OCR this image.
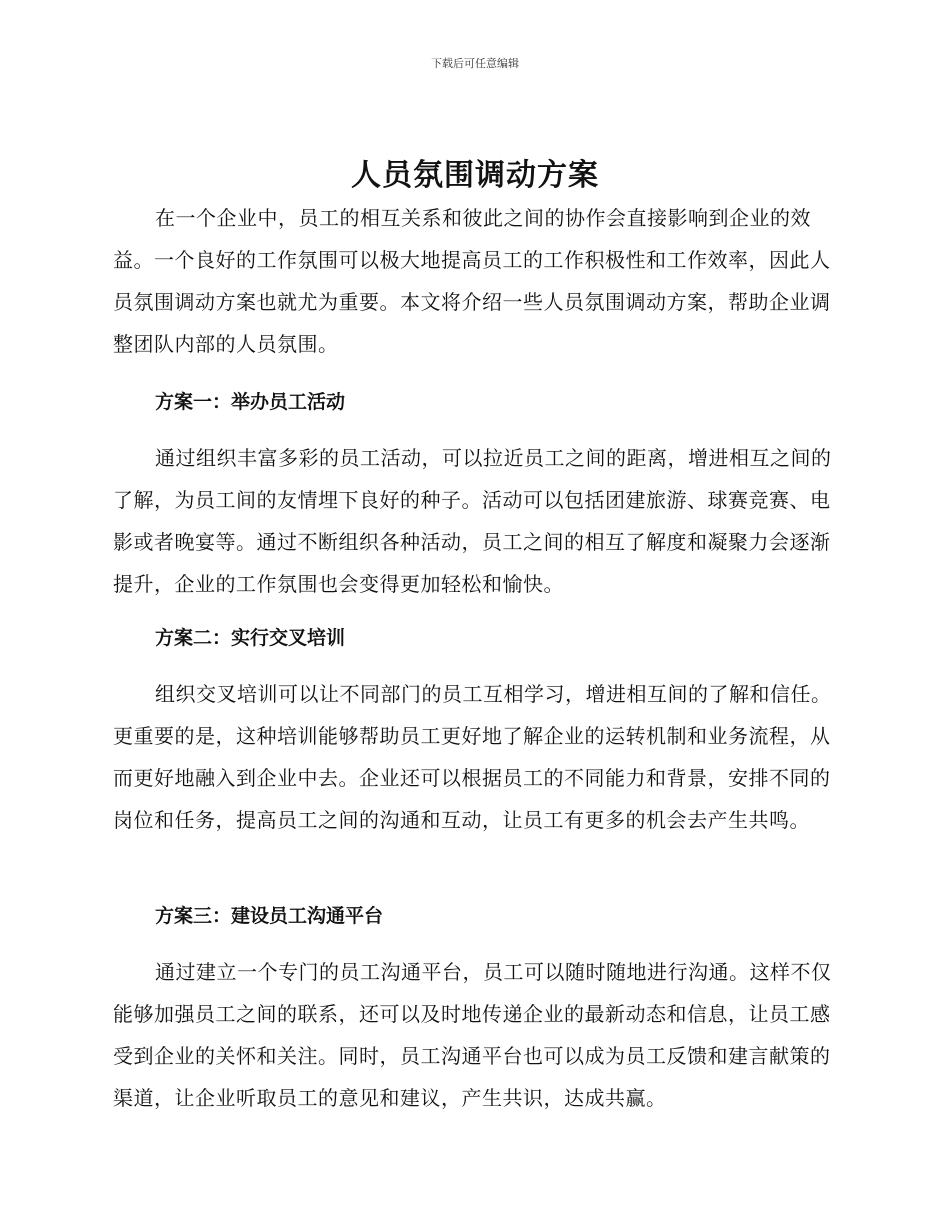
下载后可任意编辑
人员氛围调动方案
在一个企业中，员工的相互关系和彼此之间的协作会直接影响到企业的效益。一个良好的工作氛围可以极大地提高员工的工作积极性和工作效率，因此人员氛围调动方案也就尤为重要。本文将介绍一些人员氛围调动方案，帮助企业调整团队内部的人员氛围。
方案一：举办员工活动
通过组织丰富多彩的员工活动，可以拉近员工之间的距离，增进相互之间的了解，为员工间的友情埋下良好的种子。活动可以包括团建旅游、球赛竞赛、电影或者晚宴等。通过不断组织各种活动，员工之间的相互了解度和凝聚力会逐渐提升，企业的工作氛围也会变得更加轻松和愉快。
方案二：实行交叉培训
组织交叉培训可以让不同部门的员工互相学习，增进相互间的了解和信任。更重要的是，这种培训能够帮助员工更好地了解企业的运转机制和业务流程，从而更好地融入到企业中去。企业还可以根据员工的不同能力和背景，安排不同的岗位和任务，提高员工之间的沟通和互动，让员工有更多的机会去产生共鸣。
方案三：建设员工沟通平台
通过建立一个专门的员工沟通平台，员工可以随时随地进行沟通。这样不仅能够加强员工之间的联系，还可以及时地传递企业的最新动态和信息，让员工感受到企业的关怀和关注。同时，员工沟通平台也可以成为员工反馈和建言献策的渠道，让企业听取员工的意见和建议，产生共识，达成共赢。
